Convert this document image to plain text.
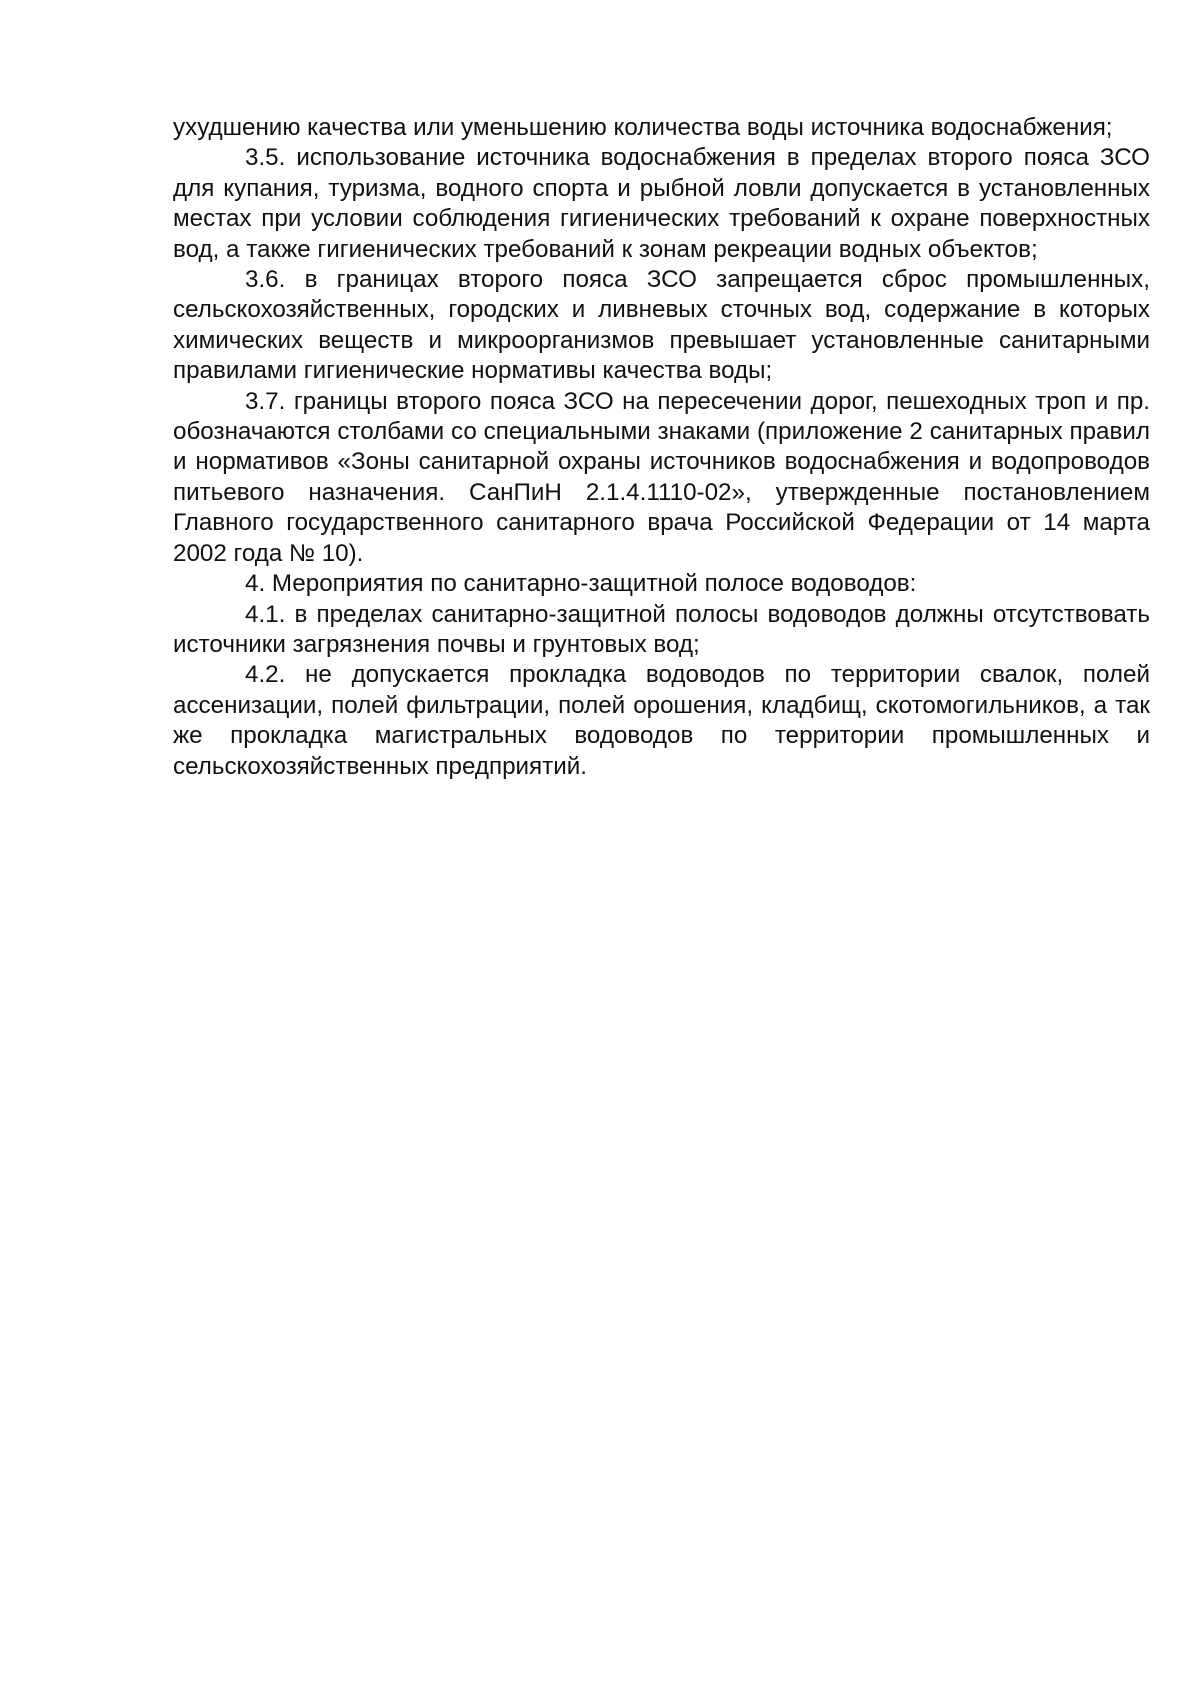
ухудшению качества или уменьшению количества воды источника водоснабжения;

3.5. использование источника водоснабжения в пределах второго пояса ЗСО для купания, туризма, водного спорта и рыбной ловли допускается в установленных местах при условии соблюдения гигиенических требований к охране поверхностных вод, а также гигиенических требований к зонам рекреации водных объектов;

3.6. в границах второго пояса ЗСО запрещается сброс промышленных, сельскохозяйственных, городских и ливневых сточных вод, содержание в которых химических веществ и микроорганизмов превышает установленные санитарными правилами гигиенические нормативы качества воды;

3.7. границы второго пояса ЗСО на пересечении дорог, пешеходных троп и пр. обозначаются столбами со специальными знаками (приложение 2 санитарных правил и нормативов «Зоны санитарной охраны источников водоснабжения и водопроводов питьевого назначения. СанПиН 2.1.4.1110-02», утвержденные постановлением Главного государственного санитарного врача Российской Федерации от 14 марта 2002 года № 10).

4. Мероприятия по санитарно-защитной полосе водоводов:

4.1. в пределах санитарно-защитной полосы водоводов должны отсутствовать источники загрязнения почвы и грунтовых вод;

4.2. не допускается прокладка водоводов по территории свалок, полей ассенизации, полей фильтрации, полей орошения, кладбищ, скотомогильников, а так же прокладка магистральных водоводов по территории промышленных и сельскохозяйственных предприятий.
